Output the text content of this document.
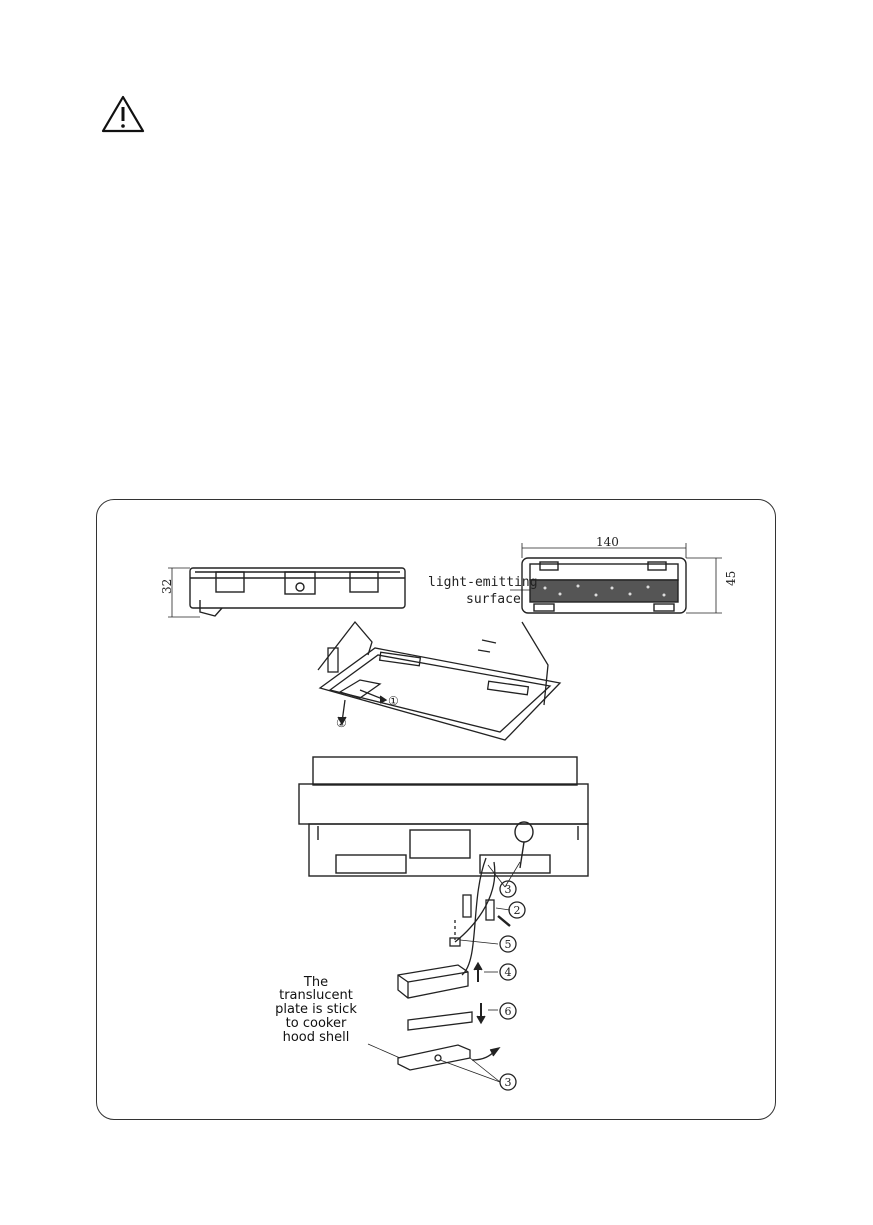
32
140
45
light-emitting
surface
①
②
3
2
5
4
6
3
The
translucent
plate is stick
to cooker
hood shell
